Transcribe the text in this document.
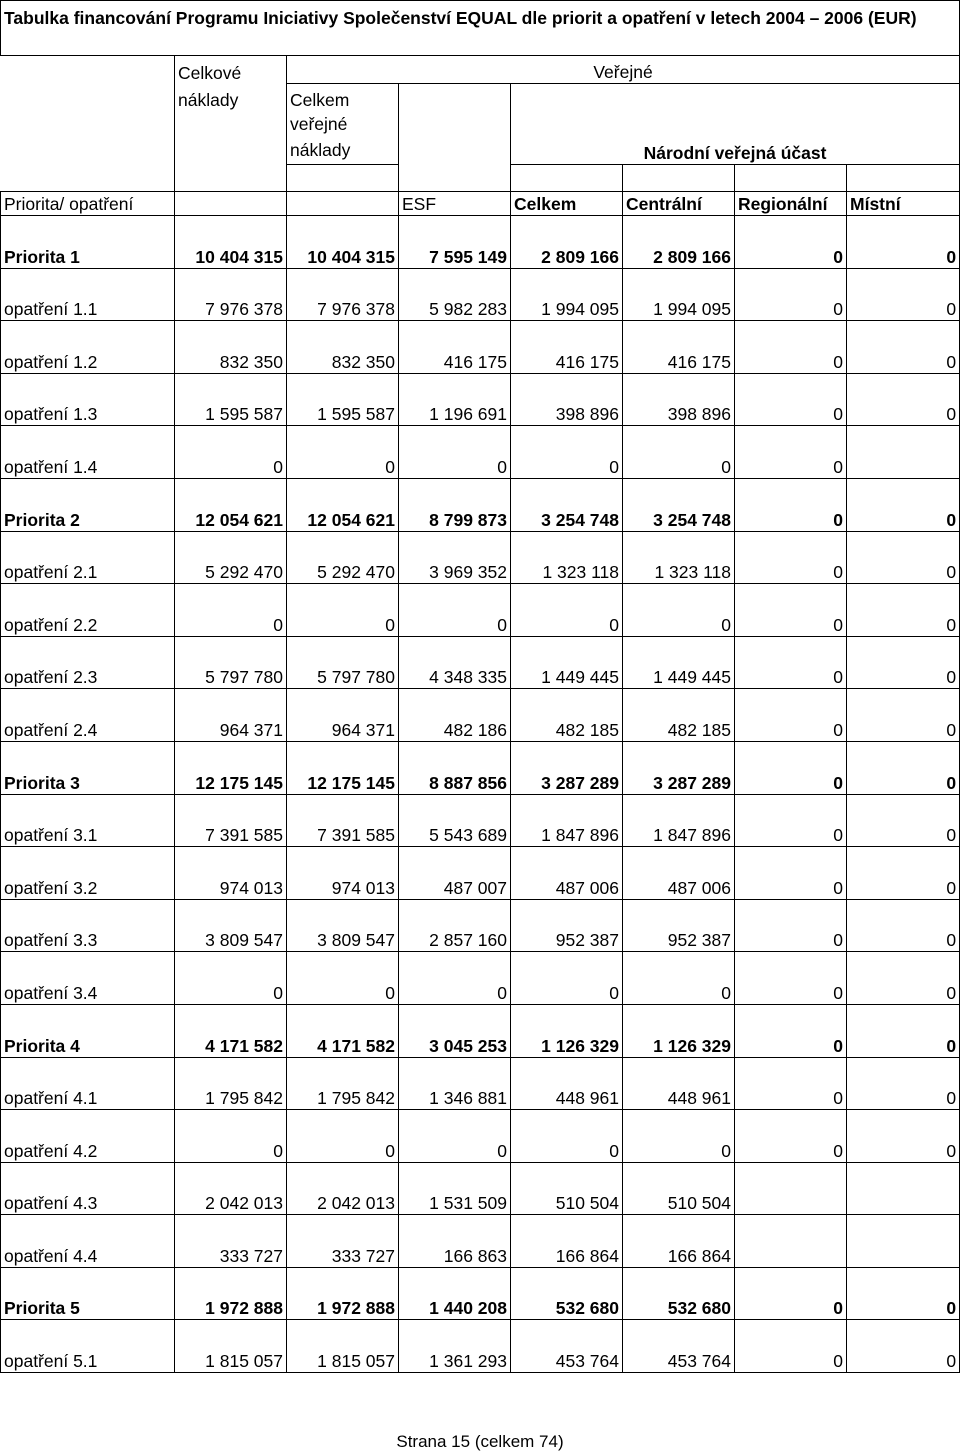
Tabulka financování Programu Iniciativy Společenství EQUAL dle priorit a opatření v letech 2004 – 2006 (EUR)							
	Celkové	Veřejné					
	náklady	Celkem					
		veřejné
náklady		Národní veřejná účast			

Priorita/ opatření			ESF	Celkem	Centrální	Regionální	Místní
Priorita 1	10 404 315	10 404 315	7 595 149	2 809 166	2 809 166	0	0
opatření 1.1	7 976 378	7 976 378	5 982 283	1 994 095	1 994 095	0	0
opatření 1.2	832 350	832 350	416 175	416 175	416 175	0	0
opatření 1.3	1 595 587	1 595 587	1 196 691	398 896	398 896	0	0
opatření 1.4	0	0	0	0	0	0	
Priorita 2	12 054 621	12 054 621	8 799 873	3 254 748	3 254 748	0	0
opatření 2.1	5 292 470	5 292 470	3 969 352	1 323 118	1 323 118	0	0
opatření 2.2	0	0	0	0	0	0	0
opatření 2.3	5 797 780	5 797 780	4 348 335	1 449 445	1 449 445	0	0
opatření 2.4	964 371	964 371	482 186	482 185	482 185	0	0
Priorita 3	12 175 145	12 175 145	8 887 856	3 287 289	3 287 289	0	0
opatření 3.1	7 391 585	7 391 585	5 543 689	1 847 896	1 847 896	0	0
opatření 3.2	974 013	974 013	487 007	487 006	487 006	0	0
opatření 3.3	3 809 547	3 809 547	2 857 160	952 387	952 387	0	0
opatření 3.4	0	0	0	0	0	0	0
Priorita 4	4 171 582	4 171 582	3 045 253	1 126 329	1 126 329	0	0
opatření 4.1	1 795 842	1 795 842	1 346 881	448 961	448 961	0	0
opatření 4.2	0	0	0	0	0	0	0
opatření 4.3	2 042 013	2 042 013	1 531 509	510 504	510 504		
opatření 4.4	333 727	333 727	166 863	166 864	166 864		
Priorita 5	1 972 888	1 972 888	1 440 208	532 680	532 680	0	0
opatření 5.1	1 815 057	1 815 057	1 361 293	453 764	453 764	0	0
Strana 15 (celkem 74)
